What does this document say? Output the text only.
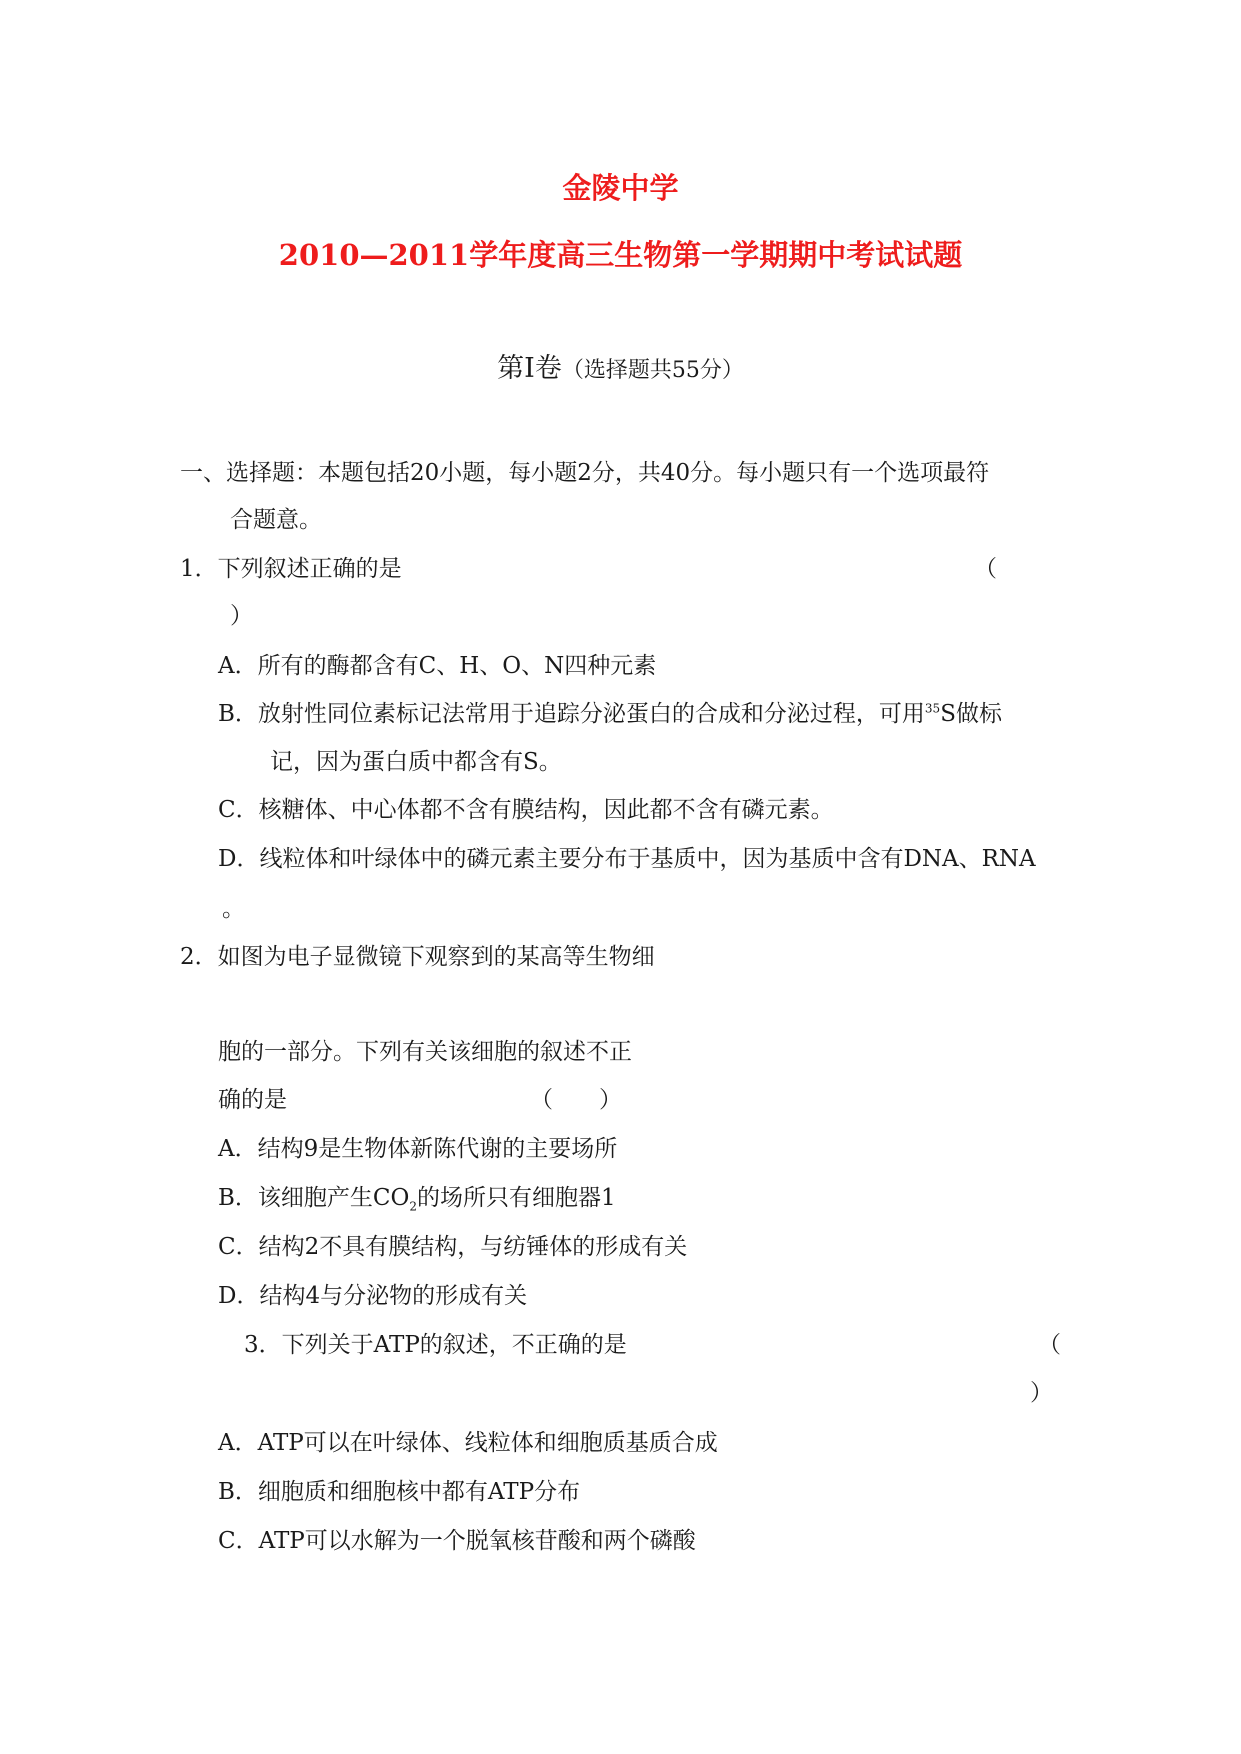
金陵中学
2010—2011学年度高三生物第一学期期中考试试题
第Ⅰ卷（选择题共55分）
一、选择题：本题包括20小题，每小题2分，共40分。每小题只有一个选项最符
合题意。
1．下列叙述正确的是	（
）
A．所有的酶都含有C、H、O、N四种元素
B．放射性同位素标记法常用于追踪分泌蛋白的合成和分泌过程，可用$^{35}$S做标
记，因为蛋白质中都含有S。
C．核糖体、中心体都不含有膜结构，因此都不含有磷元素。
D．线粒体和叶绿体中的磷元素主要分布于基质中，因为基质中含有DNA、RNA
。
2．如图为电子显微镜下观察到的某高等生物细
胞的一部分。下列有关该细胞的叙述不正
确的是	（　　）
A．结构9是生物体新陈代谢的主要场所
B．该细胞产生$CO_2$的场所只有细胞器1
C．结构2不具有膜结构，与纺锤体的形成有关
D．结构4与分泌物的形成有关
3．下列关于ATP的叙述，不正确的是	（
）
A．ATP可以在叶绿体、线粒体和细胞质基质合成
B．细胞质和细胞核中都有ATP分布
C．ATP可以水解为一个脱氧核苷酸和两个磷酸
